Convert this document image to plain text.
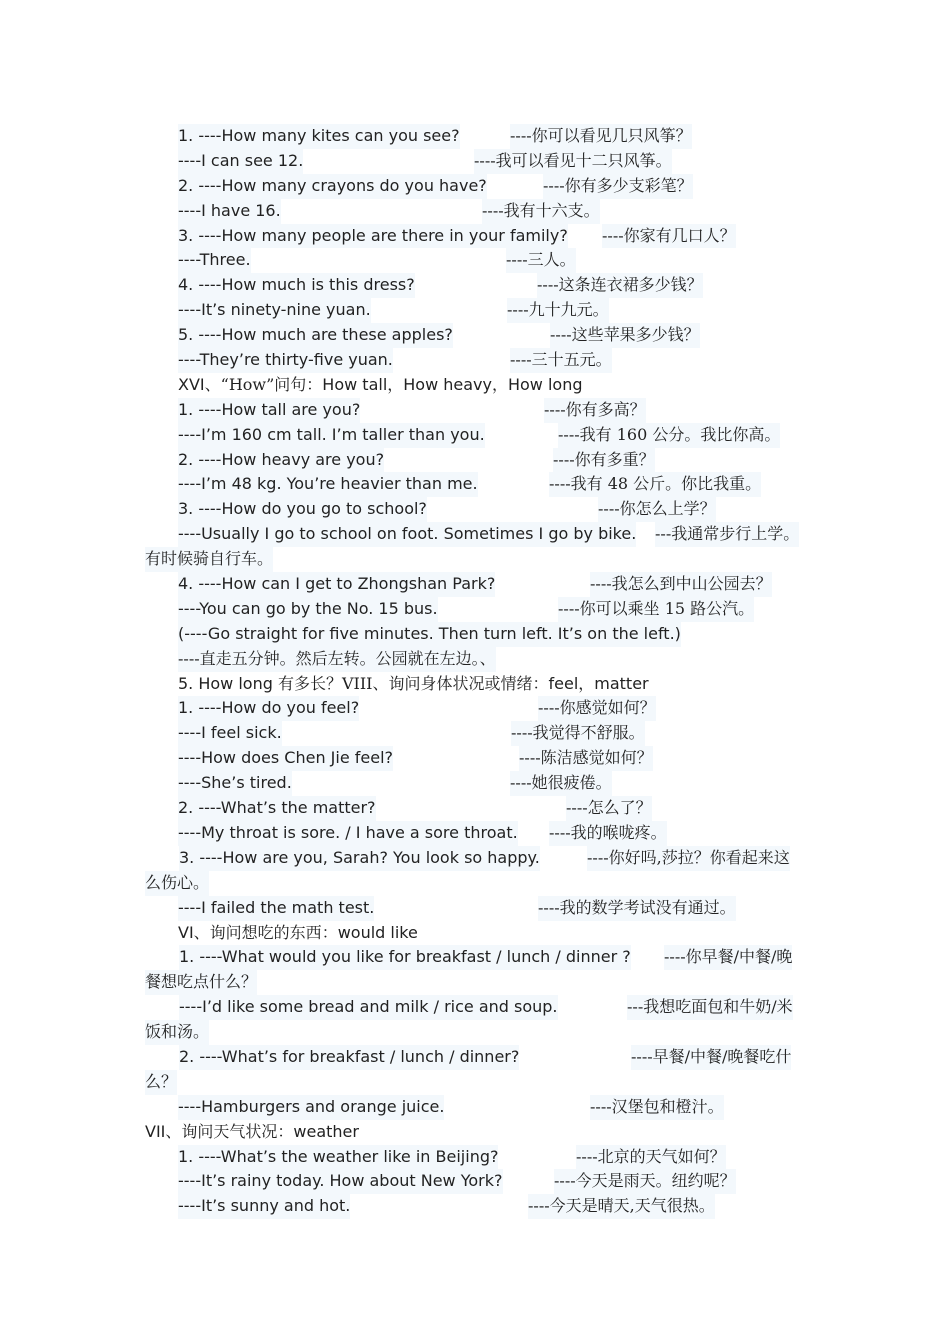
1. ----How many kites can you see?	----你可以看见几只风筝？
----I can see 12.	----我可以看见十二只风筝。
2. ----How many crayons do you have?	----你有多少支彩笔？
----I have 16.	----我有十六支。
3. ----How many people are there in your family? ----你家有几口人？
----Three.	----三人。
4. ----How much is this dress?	----这条连衣裙多少钱？
----It’s ninety-nine yuan.	----九十九元。
5. ----How much are these apples?	----这些苹果多少钱？
----They’re thirty-five yuan.	----三十五元。
XVI、“How”问句：How tall，How heavy，How long
1. ----How tall are you?	----你有多高？
----I’m 160 cm tall. I’m taller than you.	----我有 160 公分。我比你高。
2. ----How heavy are you?	----你有多重？
----I’m 48 kg. You’re heavier than me.	----我有 48 公斤。你比我重。
3. ----How do you go to school?	----你怎么上学？
----Usually I go to school on foot. Sometimes I go by bike. ---我通常步行上学。
有时候骑自行车。
4. ----How can I get to Zhongshan Park?	----我怎么到中山公园去？
----You can go by the No. 15 bus.	----你可以乘坐 15 路公汽。
(----Go straight for five minutes. Then turn left. It’s on the left.)
----直走五分钟。然后左转。公园就在左边。、
5. How long 有多长？VIII、询问身体状况或情绪：feel，matter
1. ----How do you feel?	----你感觉如何？
----I feel sick.	----我觉得不舒服。
----How does Chen Jie feel?	----陈洁感觉如何？
----She’s tired.	----她很疲倦。
2. ----What’s the matter?	----怎么了？
----My throat is sore. / I have a sore throat. ----我的喉咙疼。
3. ----How are you, Sarah? You look so happy.	----你好吗,莎拉？你看起来这
么伤心。
----I failed the math test.	----我的数学考试没有通过。
VI、询问想吃的东西：would like
1. ----What would you like for breakfast / lunch / dinner ? ----你早餐/中餐/晚
餐想吃点什么？
----I’d like some bread and milk / rice and soup.	---我想吃面包和牛奶/米
饭和汤。
2. ----What’s for breakfast / lunch / dinner?	----早餐/中餐/晚餐吃什
么？
----Hamburgers and orange juice.	----汉堡包和橙汁。
VII、询问天气状况：weather
1. ----What’s the weather like in Beijing?	----北京的天气如何？
----It’s rainy today. How about New York?	----今天是雨天。纽约呢？
----It’s sunny and hot.	----今天是晴天,天气很热。
